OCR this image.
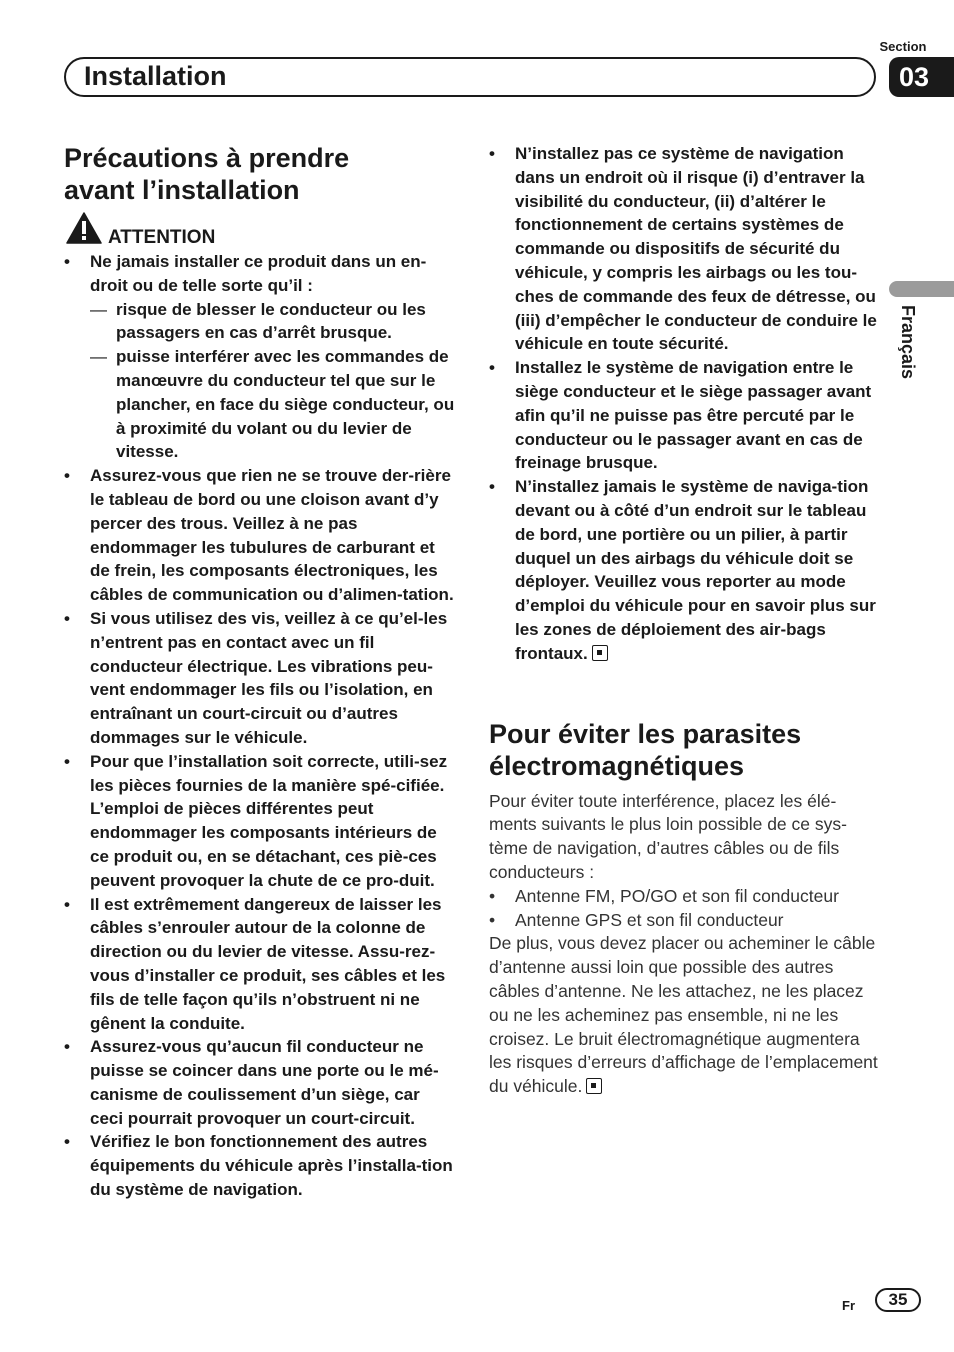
Section
03
Installation
Français
Précautions à prendre
avant l’installation
ATTENTION
•	Ne jamais installer ce produit dans un en-droit ou de telle sorte qu’il :
— risque de blesser le conducteur ou les passagers en cas d’arrêt brusque.
— puisse interférer avec les commandes de manœuvre du conducteur tel que sur le plancher, en face du siège conducteur, ou à proximité du volant ou du levier de vitesse.
•	Assurez-vous que rien ne se trouve der-rière le tableau de bord ou une cloison avant d’y percer des trous. Veillez à ne pas endommager les tubulures de carburant et de frein, les composants électroniques, les câbles de communication ou d’alimen-tation.
•	Si vous utilisez des vis, veillez à ce qu’el-les n’entrent pas en contact avec un fil conducteur électrique. Les vibrations peu-vent endommager les fils ou l’isolation, en entraînant un court-circuit ou d’autres dommages sur le véhicule.
•	Pour que l’installation soit correcte, utili-sez les pièces fournies de la manière spé-cifiée. L’emploi de pièces différentes peut endommager les composants intérieurs de ce produit ou, en se détachant, ces piè-ces peuvent provoquer la chute de ce pro-duit.
•	Il est extrêmement dangereux de laisser les câbles s’enrouler autour de la colonne de direction ou du levier de vitesse. Assu-rez-vous d’installer ce produit, ses câbles et les fils de telle façon qu’ils n’obstruent ni ne gênent la conduite.
•	Assurez-vous qu’aucun fil conducteur ne puisse se coincer dans une porte ou le mé-canisme de coulissement d’un siège, car ceci pourrait provoquer un court-circuit.
•	Vérifiez le bon fonctionnement des autres équipements du véhicule après l’installa-tion du système de navigation.
•	N’installez pas ce système de navigation dans un endroit où il risque (i) d’entraver la visibilité du conducteur, (ii) d’altérer le fonctionnement de certains systèmes de commande ou dispositifs de sécurité du véhicule, y compris les airbags ou les tou-ches de commande des feux de détresse, ou (iii) d’empêcher le conducteur de conduire le véhicule en toute sécurité.
•	Installez le système de navigation entre le siège conducteur et le siège passager avant afin qu’il ne puisse pas être percuté par le conducteur ou le passager avant en cas de freinage brusque.
•	N’installez jamais le système de naviga-tion devant ou à côté d’un endroit sur le tableau de bord, une portière ou un pilier, à partir duquel un des airbags du véhicule doit se déployer. Veuillez vous reporter au mode d’emploi du véhicule pour en savoir plus sur les zones de déploiement des air-bags frontaux.
Pour éviter les parasites
électromagnétiques

Pour éviter toute interférence, placez les élé-ments suivants le plus loin possible de ce sys-tème de navigation, d’autres câbles ou de fils conducteurs :

• Antenne FM, PO/GO et son fil conducteur
• Antenne GPS et son fil conducteur

De plus, vous devez placer ou acheminer le câble d’antenne aussi loin que possible des autres câbles d’antenne. Ne les attachez, ne les placez ou ne les acheminez pas ensemble, ni ne les croisez. Le bruit électromagnétique augmentera les risques d’erreurs d’affichage de l’emplacement du véhicule.

Fr	35
